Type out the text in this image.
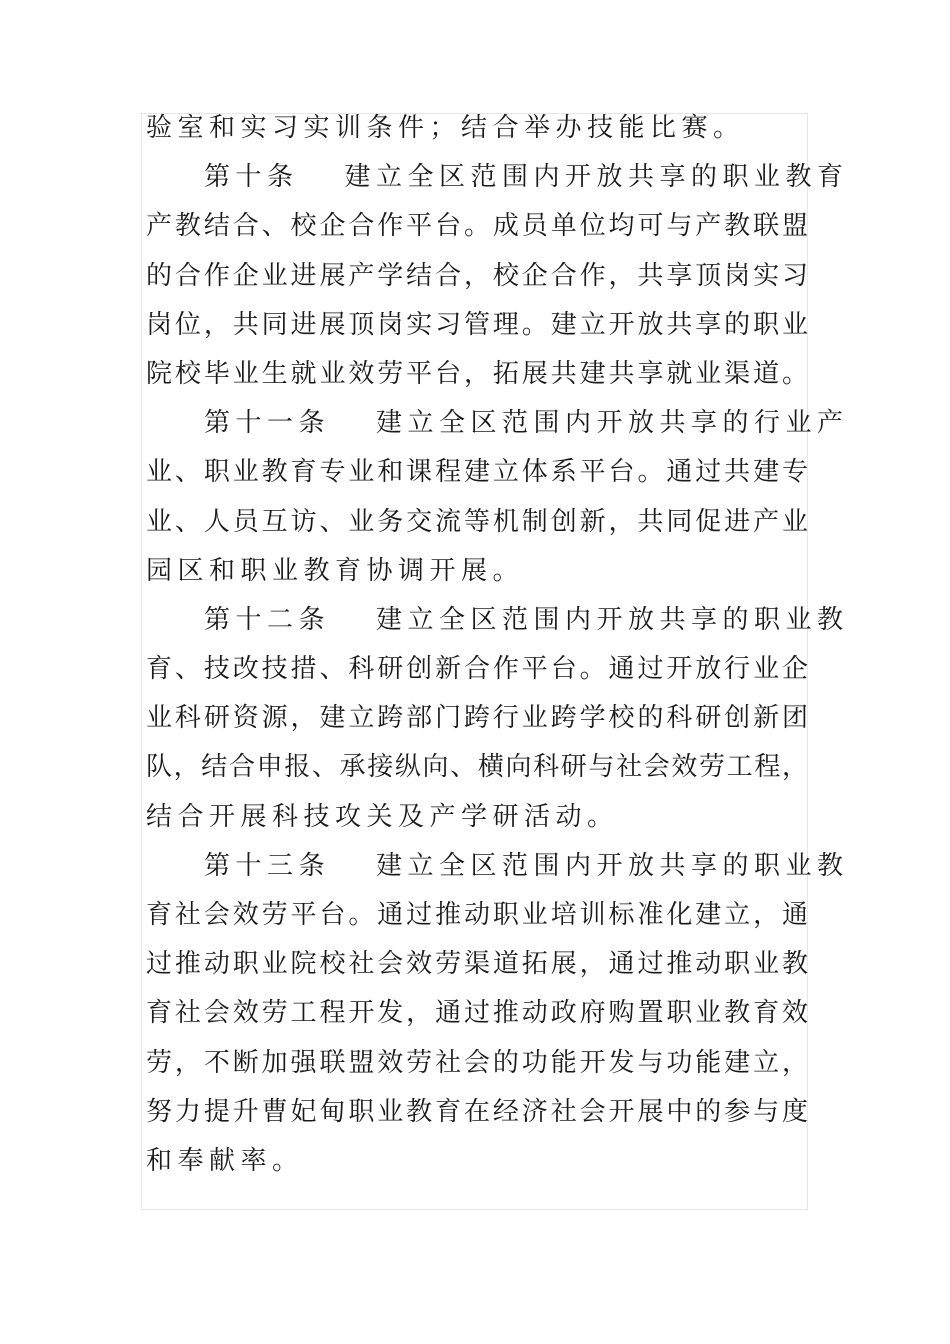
验室和实习实训条件；结合举办技能比赛。
第十条 建立全区范围内开放共享的职业教育
产教结合、校企合作平台。成员单位均可与产教联盟
的合作企业进展产学结合，校企合作，共享顶岗实习
岗位，共同进展顶岗实习管理。建立开放共享的职业
院校毕业生就业效劳平台，拓展共建共享就业渠道。
第十一条 建立全区范围内开放共享的行业产
业、职业教育专业和课程建立体系平台。通过共建专
业、人员互访、业务交流等机制创新，共同促进产业
园区和职业教育协调开展。
第十二条 建立全区范围内开放共享的职业教
育、技改技措、科研创新合作平台。通过开放行业企
业科研资源，建立跨部门跨行业跨学校的科研创新团
队，结合申报、承接纵向、横向科研与社会效劳工程，
结合开展科技攻关及产学研活动。
第十三条 建立全区范围内开放共享的职业教
育社会效劳平台。通过推动职业培训标准化建立，通
过推动职业院校社会效劳渠道拓展，通过推动职业教
育社会效劳工程开发，通过推动政府购置职业教育效
劳，不断加强联盟效劳社会的功能开发与功能建立，
努力提升曹妃甸职业教育在经济社会开展中的参与度
和奉献率。
